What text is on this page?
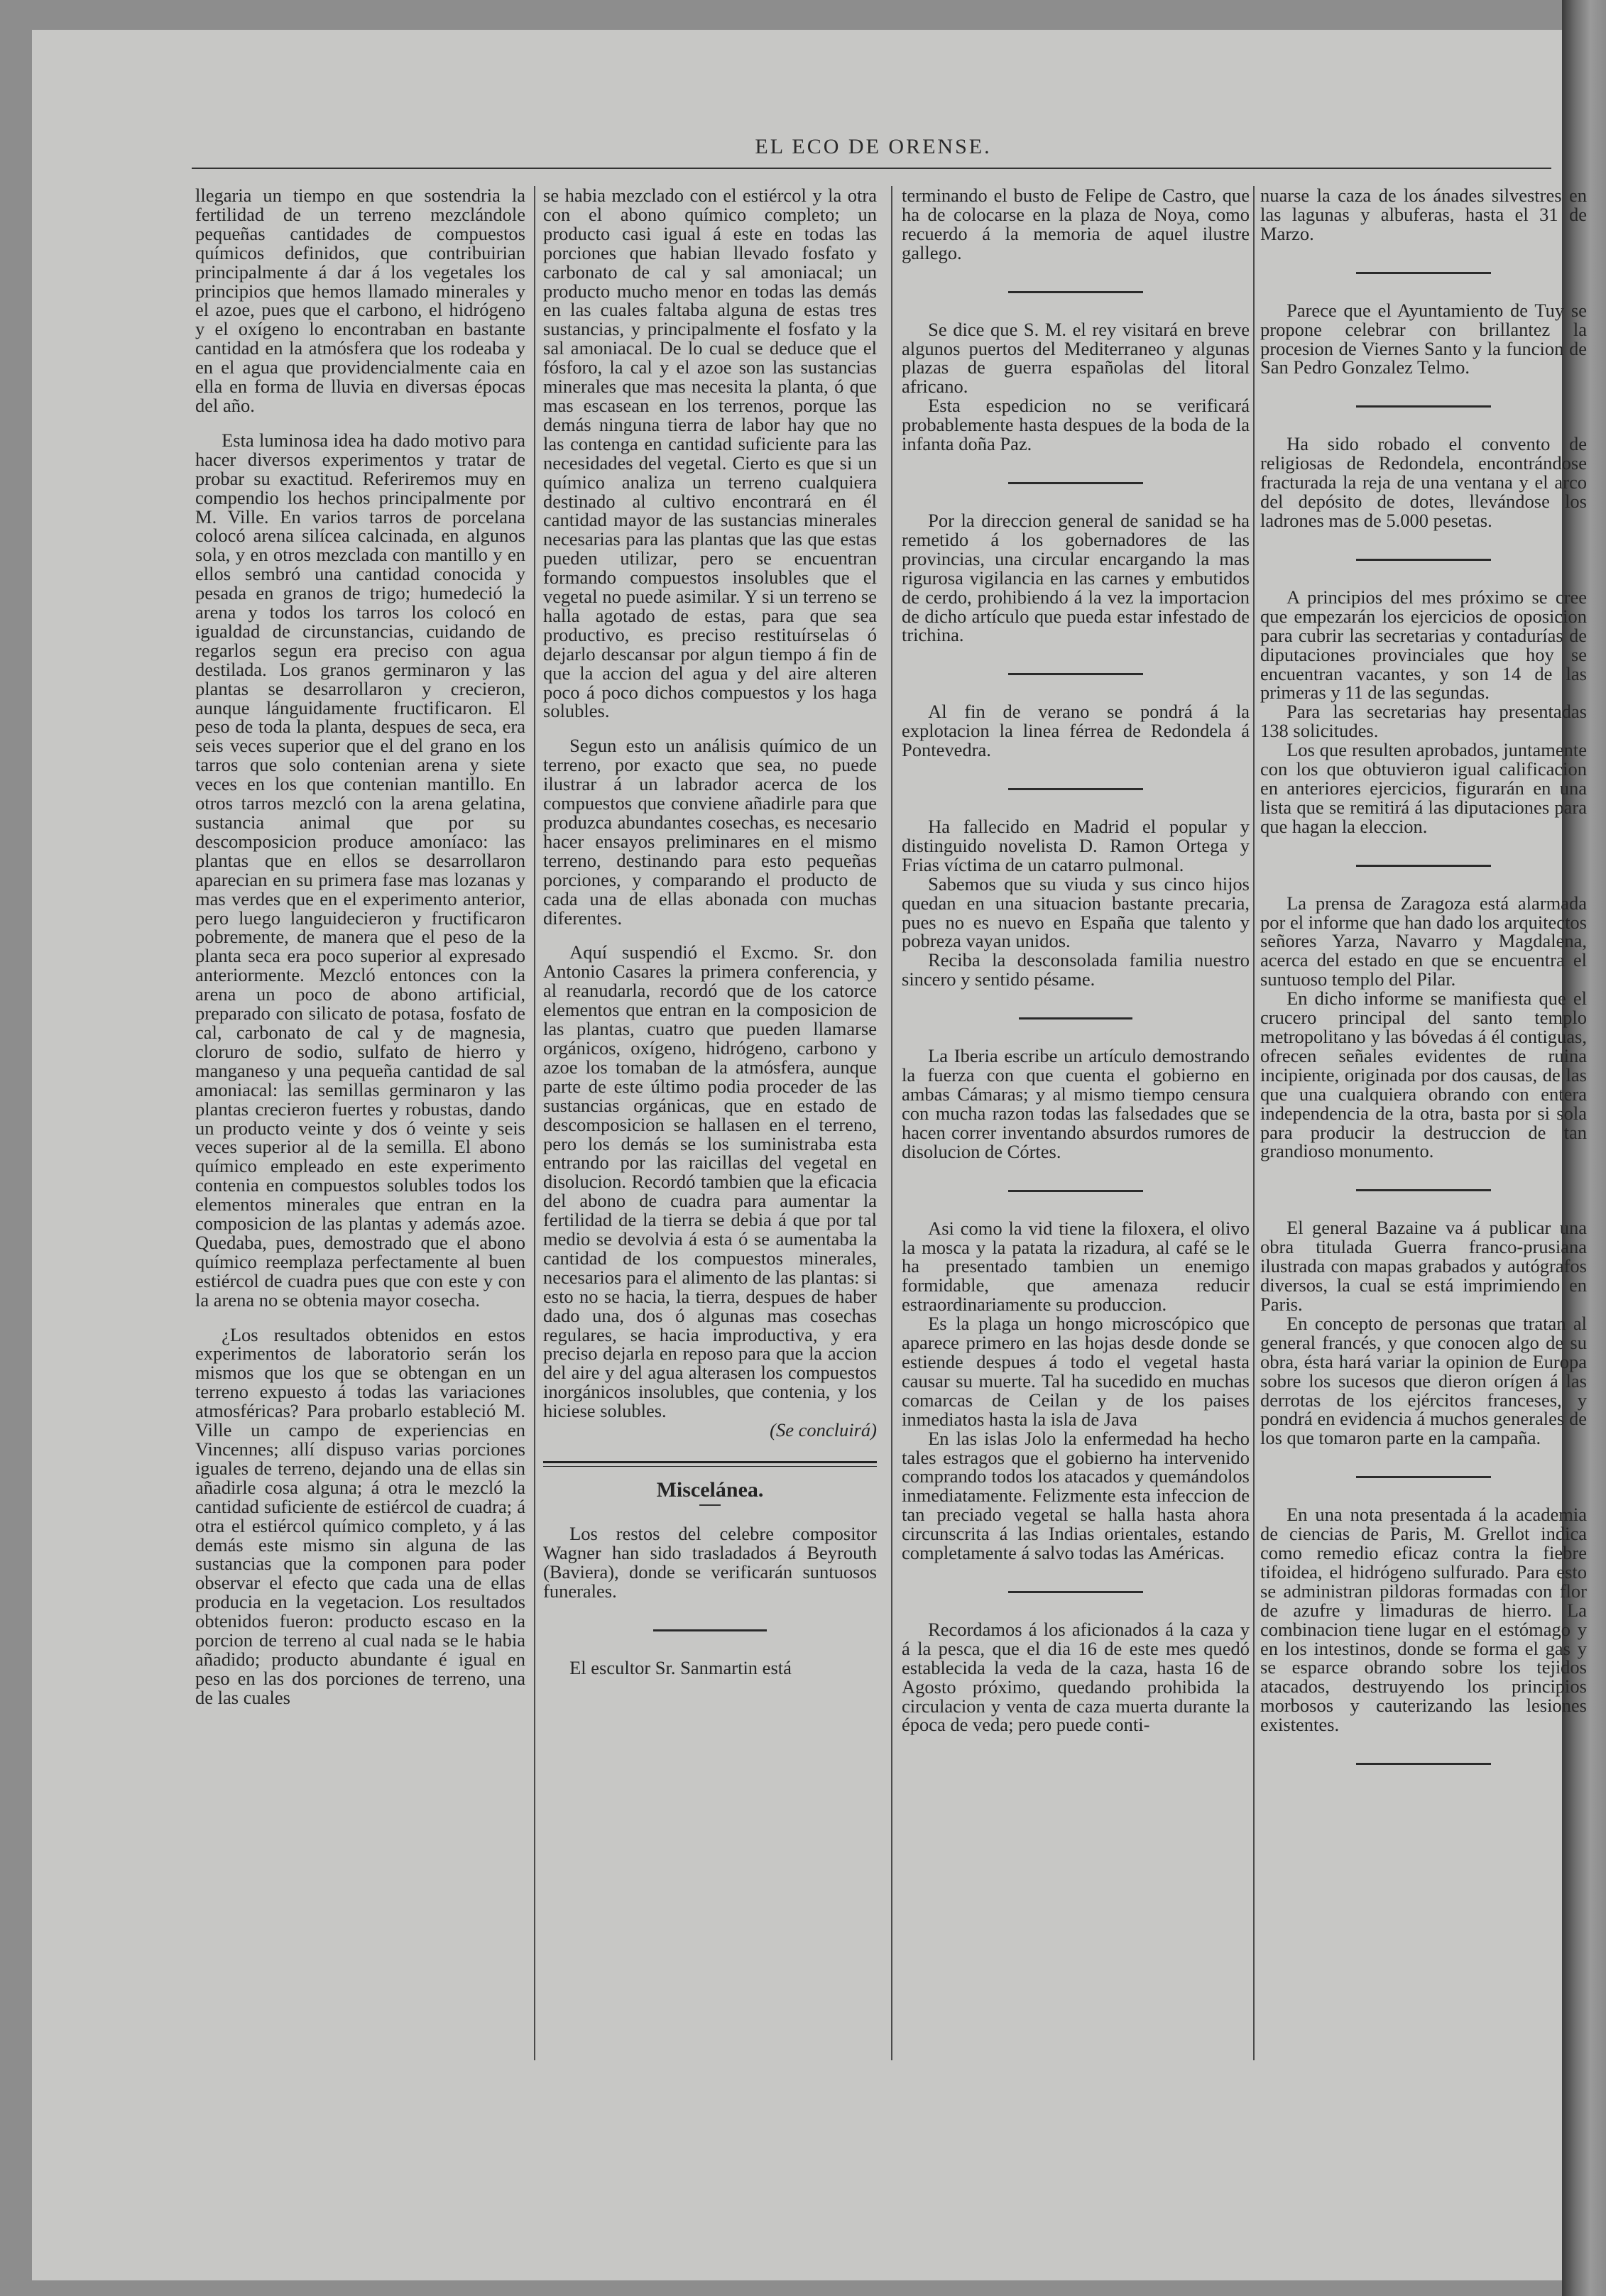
EL ECO DE ORENSE.

llegaria un tiempo en que sostendria la fertilidad de un terreno mezclándole pequeñas cantidades de compuestos químicos definidos, que contribuirian principalmente á dar á los vegetales los principios que hemos llamado minerales y el azoe, pues que el carbono, el hidrógeno y el oxígeno lo encontraban en bastante cantidad en la atmósfera que los rodeaba y en el agua que providencialmente caia en ella en forma de lluvia en diversas épocas del año.

Esta luminosa idea ha dado motivo para hacer diversos experimentos y tratar de probar su exactitud. Referiremos muy en compendio los hechos principalmente por M. Ville. En varios tarros de porcelana colocó arena silícea calcinada, en algunos sola, y en otros mezclada con mantillo y en ellos sembró una cantidad conocida y pesada en granos de trigo; humedeció la arena y todos los tarros los colocó en igualdad de circunstancias, cuidando de regarlos segun era preciso con agua destilada. Los granos germinaron y las plantas se desarrollaron y crecieron, aunque lánguidamente fructificaron. El peso de toda la planta, despues de seca, era seis veces superior que el del grano en los tarros que solo contenian arena y siete veces en los que contenian mantillo. En otros tarros mezcló con la arena gelatina, sustancia animal que por su descomposicion produce amoníaco: las plantas que en ellos se desarrollaron aparecian en su primera fase mas lozanas y mas verdes que en el experimento anterior, pero luego languidecieron y fructificaron pobremente, de manera que el peso de la planta seca era poco superior al expresado anteriormente. Mezcló entonces con la arena un poco de abono artificial, preparado con silicato de potasa, fosfato de cal, carbonato de cal y de magnesia, cloruro de sodio, sulfato de hierro y manganeso y una pequeña cantidad de sal amoniacal: las semillas germinaron y las plantas crecieron fuertes y robustas, dando un producto veinte y dos ó veinte y seis veces superior al de la semilla. El abono químico empleado en este experimento contenia en compuestos solubles todos los elementos minerales que entran en la composicion de las plantas y además azoe. Quedaba, pues, demostrado que el abono químico reemplaza perfectamente al buen estiércol de cuadra pues que con este y con la arena no se obtenia mayor cosecha.

¿Los resultados obtenidos en estos experimentos de laboratorio serán los mismos que los que se obtengan en un terreno expuesto á todas las variaciones atmosféricas? Para probarlo estableció M. Ville un campo de experiencias en Vincennes; allí dispuso varias porciones iguales de terreno, dejando una de ellas sin añadirle cosa alguna; á otra le mezcló la cantidad suficiente de estiércol de cuadra; á otra el estiércol químico completo, y á las demás este mismo sin alguna de las sustancias que la componen para poder observar el efecto que cada una de ellas producia en la vegetacion. Los resultados obtenidos fueron: producto escaso en la porcion de terreno al cual nada se le habia añadido; producto abundante é igual en peso en las dos porciones de terreno, una de las cuales

se habia mezclado con el estiércol y la otra con el abono químico completo; un producto casi igual á este en todas las porciones que habian llevado fosfato y carbonato de cal y sal amoniacal; un producto mucho menor en todas las demás en las cuales faltaba alguna de estas tres sustancias, y principalmente el fosfato y la sal amoniacal. De lo cual se deduce que el fósforo, la cal y el azoe son las sustancias minerales que mas necesita la planta, ó que mas escasean en los terrenos, porque las demás ninguna tierra de labor hay que no las contenga en cantidad suficiente para las necesidades del vegetal. Cierto es que si un químico analiza un terreno cualquiera destinado al cultivo encontrará en él cantidad mayor de las sustancias minerales necesarias para las plantas que las que estas pueden utilizar, pero se encuentran formando compuestos insolubles que el vegetal no puede asimilar. Y si un terreno se halla agotado de estas, para que sea productivo, es preciso restituírselas ó dejarlo descansar por algun tiempo á fin de que la accion del agua y del aire alteren poco á poco dichos compuestos y los haga solubles.

Segun esto un análisis químico de un terreno, por exacto que sea, no puede ilustrar á un labrador acerca de los compuestos que conviene añadirle para que produzca abundantes cosechas, es necesario hacer ensayos preliminares en el mismo terreno, destinando para esto pequeñas porciones, y comparando el producto de cada una de ellas abonada con muchas diferentes.

Aquí suspendió el Excmo. Sr. don Antonio Casares la primera conferencia, y al reanudarla, recordó que de los catorce elementos que entran en la composicion de las plantas, cuatro que pueden llamarse orgánicos, oxígeno, hidrógeno, carbono y azoe los tomaban de la atmósfera, aunque parte de este último podia proceder de las sustancias orgánicas, que en estado de descomposicion se hallasen en el terreno, pero los demás se los suministraba esta entrando por las raicillas del vegetal en disolucion. Recordó tambien que la eficacia del abono de cuadra para aumentar la fertilidad de la tierra se debia á que por tal medio se devolvia á esta ó se aumentaba la cantidad de los compuestos minerales, necesarios para el alimento de las plantas: si esto no se hacia, la tierra, despues de haber dado una, dos ó algunas mas cosechas regulares, se hacia improductiva, y era preciso dejarla en reposo para que la accion del aire y del agua alterasen los compuestos inorgánicos insolubles, que contenia, y los hiciese solubles.

(Se concluirá)

Miscelánea.

Los restos del celebre compositor Wagner han sido trasladados á Beyrouth (Baviera), donde se verificarán suntuosos funerales.

El escultor Sr. Sanmartin está

terminando el busto de Felipe de Castro, que ha de colocarse en la plaza de Noya, como recuerdo á la memoria de aquel ilustre gallego.

Se dice que S. M. el rey visitará en breve algunos puertos del Mediterraneo y algunas plazas de guerra españolas del litoral africano.

Esta espedicion no se verificará probablemente hasta despues de la boda de la infanta doña Paz.

Por la direccion general de sanidad se ha remetido á los gobernadores de las provincias, una circular encargando la mas rigurosa vigilancia en las carnes y embutidos de cerdo, prohibiendo á la vez la importacion de dicho artículo que pueda estar infestado de trichina.

Al fin de verano se pondrá á la explotacion la linea férrea de Redondela á Pontevedra.

Ha fallecido en Madrid el popular y distinguido novelista D. Ramon Ortega y Frias víctima de un catarro pulmonal.

Sabemos que su viuda y sus cinco hijos quedan en una situacion bastante precaria, pues no es nuevo en España que talento y pobreza vayan unidos.

Reciba la desconsolada familia nuestro sincero y sentido pésame.

La Iberia escribe un artículo demostrando la fuerza con que cuenta el gobierno en ambas Cámaras; y al mismo tiempo censura con mucha razon todas las falsedades que se hacen correr inventando absurdos rumores de disolucion de Córtes.

Asi como la vid tiene la filoxera, el olivo la mosca y la patata la rizadura, al café se le ha presentado tambien un enemigo formidable, que amenaza reducir estraordinariamente su produccion.

Es la plaga un hongo microscópico que aparece primero en las hojas desde donde se estiende despues á todo el vegetal hasta causar su muerte. Tal ha sucedido en muchas comarcas de Ceilan y de los paises inmediatos hasta la isla de Java

En las islas Jolo la enfermedad ha hecho tales estragos que el gobierno ha intervenido comprando todos los atacados y quemándolos inmediatamente. Felizmente esta infeccion de tan preciado vegetal se halla hasta ahora circunscrita á las Indias orientales, estando completamente á salvo todas las Américas.

Recordamos á los aficionados á la caza y á la pesca, que el dia 16 de este mes quedó establecida la veda de la caza, hasta 16 de Agosto próximo, quedando prohibida la circulacion y venta de caza muerta durante la época de veda; pero puede conti-

nuarse la caza de los ánades silvestres en las lagunas y albuferas, hasta el 31 de Marzo.

Parece que el Ayuntamiento de Tuy se propone celebrar con brillantez la procesion de Viernes Santo y la funcion de San Pedro Gonzalez Telmo.

Ha sido robado el convento de religiosas de Redondela, encontrándose fracturada la reja de una ventana y el arco del depósito de dotes, llevándose los ladrones mas de 5.000 pesetas.

A principios del mes próximo se cree que empezarán los ejercicios de oposicion para cubrir las secretarias y contadurías de diputaciones provinciales que hoy se encuentran vacantes, y son 14 de las primeras y 11 de las segundas.

Para las secretarias hay presentadas 138 solicitudes.

Los que resulten aprobados, juntamente con los que obtuvieron igual calificacion en anteriores ejercicios, figurarán en una lista que se remitirá á las diputaciones para que hagan la eleccion.

La prensa de Zaragoza está alarmada por el informe que han dado los arquitectos señores Yarza, Navarro y Magdalena, acerca del estado en que se encuentra el suntuoso templo del Pilar.

En dicho informe se manifiesta que el crucero principal del santo templo metropolitano y las bóvedas á él contiguas, ofrecen señales evidentes de ruina incipiente, originada por dos causas, de las que una cualquiera obrando con entera independencia de la otra, basta por si sola para producir la destruccion de tan grandioso monumento.

El general Bazaine va á publicar una obra titulada Guerra franco-prusiana ilustrada con mapas grabados y autógrafos diversos, la cual se está imprimiendo en Paris.

En concepto de personas que tratan al general francés, y que conocen algo de su obra, ésta hará variar la opinion de Europa sobre los sucesos que dieron orígen á las derrotas de los ejércitos franceses, y pondrá en evidencia á muchos generales de los que tomaron parte en la campaña.

En una nota presentada á la academia de ciencias de Paris, M. Grellot indica como remedio eficaz contra la fiebre tifoidea, el hidrógeno sulfurado. Para esto se administran pildoras formadas con flor de azufre y limaduras de hierro. La combinacion tiene lugar en el estómago y en los intestinos, donde se forma el gas y se esparce obrando sobre los tejidos atacados, destruyendo los principios morbosos y cauterizando las lesiones existentes.
